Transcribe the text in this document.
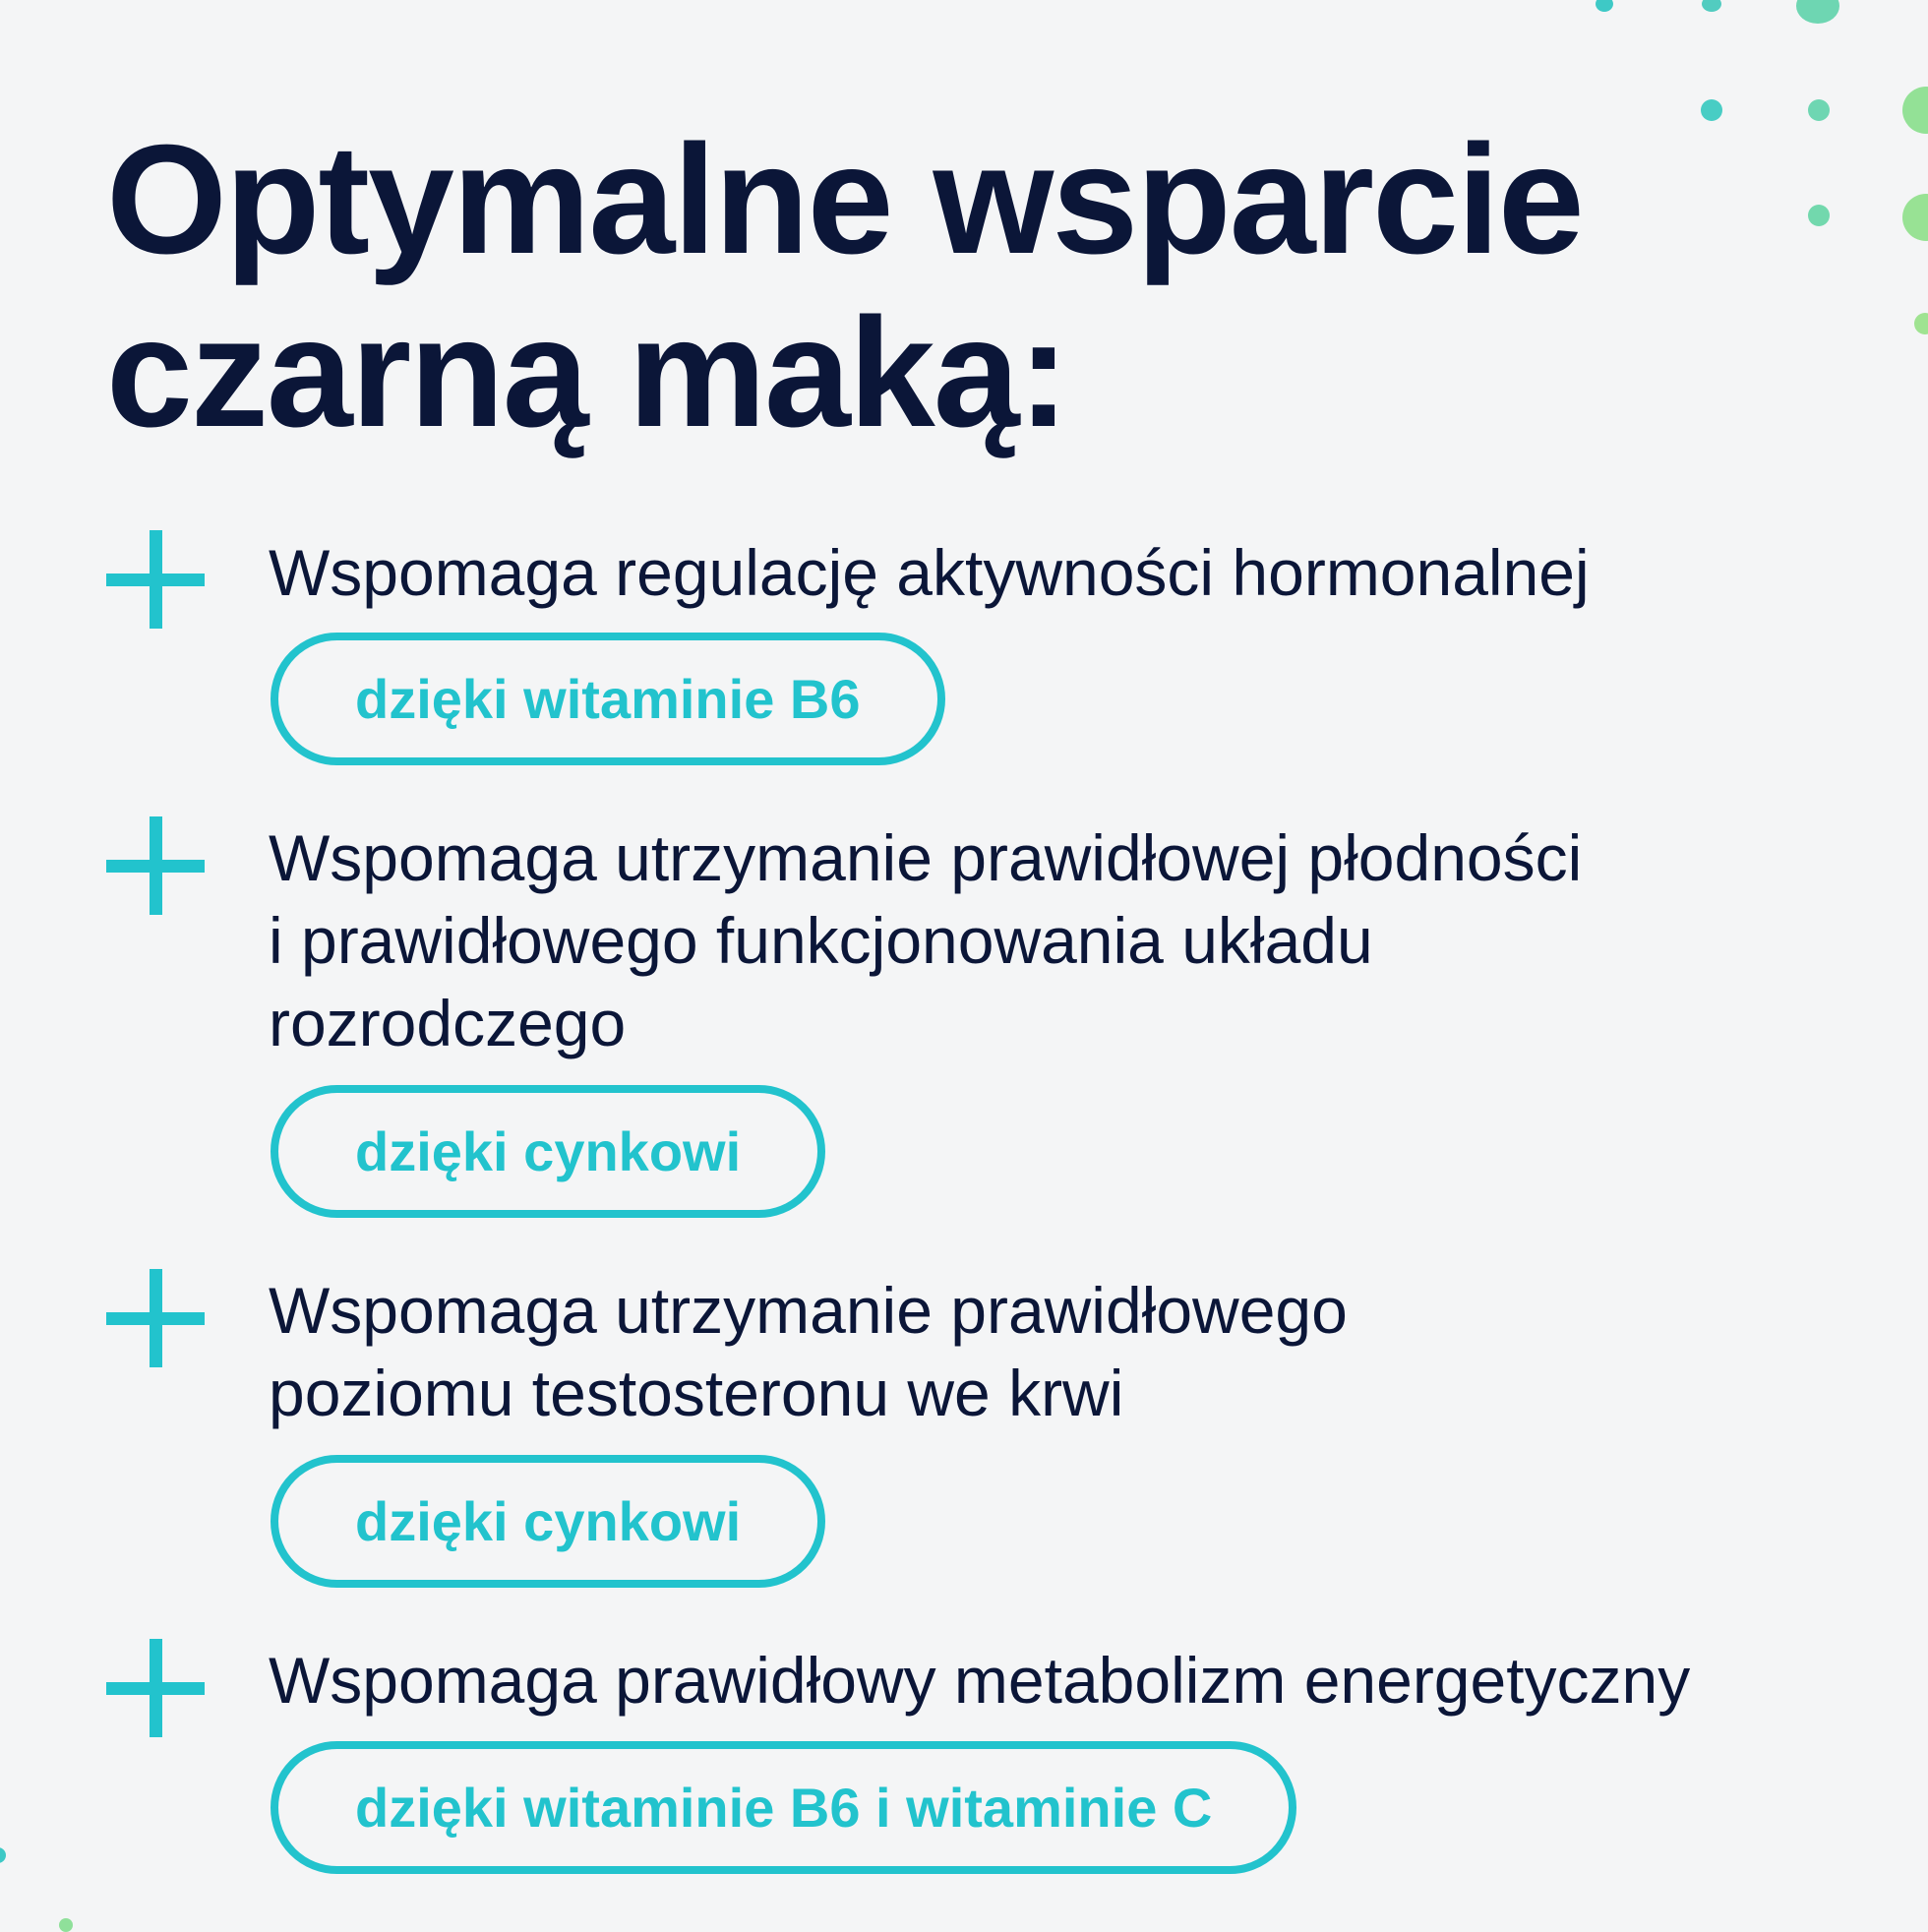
Optymalne wsparcie
czarną maką:

Wspomaga regulację aktywności hormonalnej

dzięki witaminie B6

Wspomaga utrzymanie prawidłowej płodności
i prawidłowego funkcjonowania układu
rozrodczego

dzięki cynkowi

Wspomaga utrzymanie prawidłowego
poziomu testosteronu we krwi

dzięki cynkowi

Wspomaga prawidłowy metabolizm energetyczny

dzięki witaminie B6 i witaminie C
